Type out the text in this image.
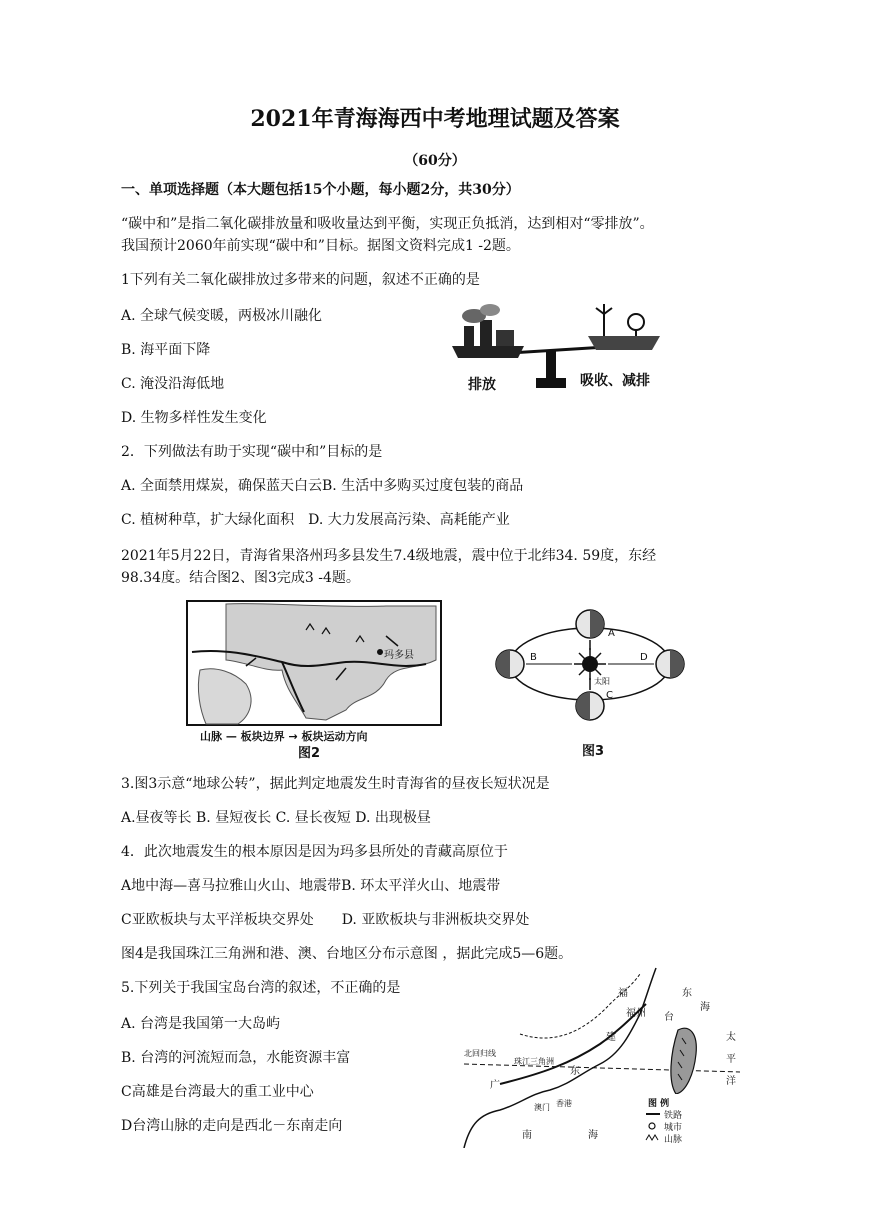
2021年青海海西中考地理试题及答案
（60分）
一、单项选择题（本大题包括15个小题，每小题2分，共30分）
“碳中和”是指二氧化碳排放量和吸收量达到平衡，实现正负抵消，达到相对“零排放”。
我国预计2060年前实现“碳中和”目标。据图文资料完成1 -2题。
1下列有关二氧化碳排放过多带来的问题，叙述不正确的是
A. 全球气候变暖，两极冰川融化
B. 海平面下降
C. 淹没沿海低地
D. 生物多样性发生变化
排放	吸收、减排
2．下列做法有助于实现“碳中和”目标的是
A. 全面禁用煤炭，确保蓝天白云B. 生活中多购买过度包装的商品
C. 植树种草，扩大绿化面积　D. 大力发展高污染、高耗能产业
2021年5月22日，青海省果洛州玛多县发生7.4级地震，震中位于北纬34. 59度，东经
98.34度。结合图2、图3完成3 -4题。
玛多县
山脉 — 板块边界 → 板块运动方向
图2
A
B
C
D
太阳
图3
3.图3示意“地球公转”，据此判定地震发生时青海省的昼夜长短状况是
A.昼夜等长 B. 昼短夜长 C. 昼长夜短 D. 出现极昼
4．此次地震发生的根本原因是因为玛多县所处的青藏高原位于
A地中海—喜马拉雅山火山、地震带B. 环太平洋火山、地震带
C亚欧板块与太平洋板块交界处　　D. 亚欧板块与非洲板块交界处
图4是我国珠江三角洲和港、澳、台地区分布示意图 ，据此完成5—6题。
5.下列关于我国宝岛台湾的叙述，不正确的是
A. 台湾是我国第一大岛屿
B. 台湾的河流短而急，水能资源丰富
C高雄是台湾最大的重工业中心
D台湾山脉的走向是西北－东南走向
福
福州
东
建
台
海
太
平
洋
珠江三角洲
广
东
香港
澳门
南	海
北回归线
图 例
铁路
城市
山脉
